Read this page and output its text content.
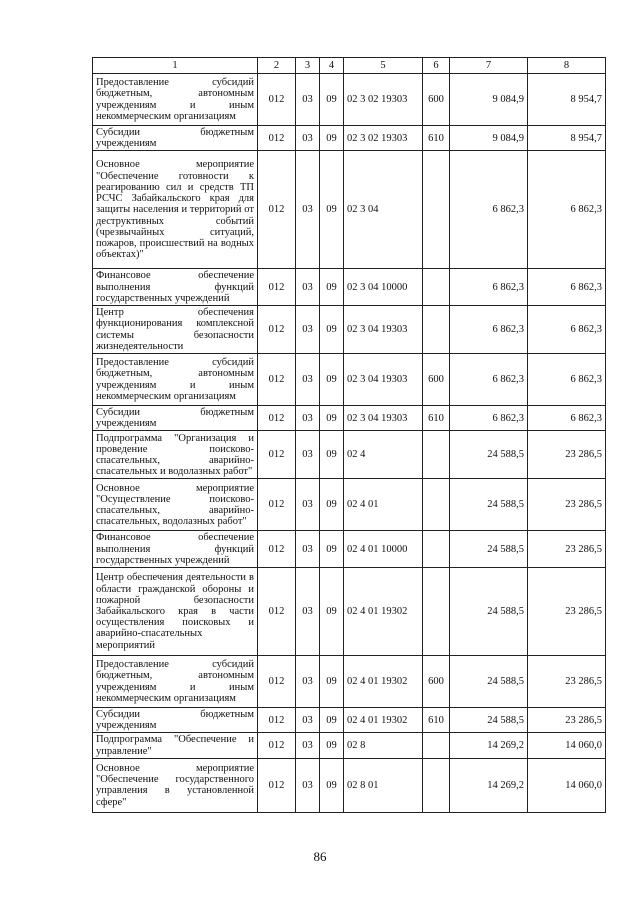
1	2	3	4	5	6	7	8
Предоставление субсидий бюджетным, автономным учреждениям и иным некоммерческим организациям	012	03	09	02 3 02 19303	600	9 084,9	8 954,7
Субсидии бюджетным учреждениям	012	03	09	02 3 02 19303	610	9 084,9	8 954,7
Основное мероприятие "Обеспечение готовности к реагированию сил и средств ТП РСЧС Забайкальского края для защиты населения и территорий от деструктивных событий (чрезвычайных ситуаций, пожаров, происшествий на водных объектах)"	012	03	09	02 3 04		6 862,3	6 862,3
Финансовое обеспечение выполнения функций государственных учреждений	012	03	09	02 3 04 10000		6 862,3	6 862,3
Центр обеспечения функционирования комплексной системы безопасности жизнедеятельности	012	03	09	02 3 04 19303		6 862,3	6 862,3
Предоставление субсидий бюджетным, автономным учреждениям и иным некоммерческим организациям	012	03	09	02 3 04 19303	600	6 862,3	6 862,3
Субсидии бюджетным учреждениям	012	03	09	02 3 04 19303	610	6 862,3	6 862,3
Подпрограмма "Организация и проведение поисково-спасательных, аварийно-спасательных и водолазных работ"	012	03	09	02 4		24 588,5	23 286,5
Основное мероприятие "Осуществление поисково-спасательных, аварийно-спасательных, водолазных работ"	012	03	09	02 4 01		24 588,5	23 286,5
Финансовое обеспечение выполнения функций государственных учреждений	012	03	09	02 4 01 10000		24 588,5	23 286,5
Центр обеспечения деятельности в области гражданской обороны и пожарной безопасности Забайкальского края в части осуществления поисковых и аварийно-спасательных мероприятий	012	03	09	02 4 01 19302		24 588,5	23 286,5
Предоставление субсидий бюджетным, автономным учреждениям и иным некоммерческим организациям	012	03	09	02 4 01 19302	600	24 588,5	23 286,5
Субсидии бюджетным учреждениям	012	03	09	02 4 01 19302	610	24 588,5	23 286,5
Подпрограмма "Обеспечение и управление"	012	03	09	02 8		14 269,2	14 060,0
Основное мероприятие "Обеспечение государственного управления в установленной сфере"	012	03	09	02 8 01		14 269,2	14 060,0
86
